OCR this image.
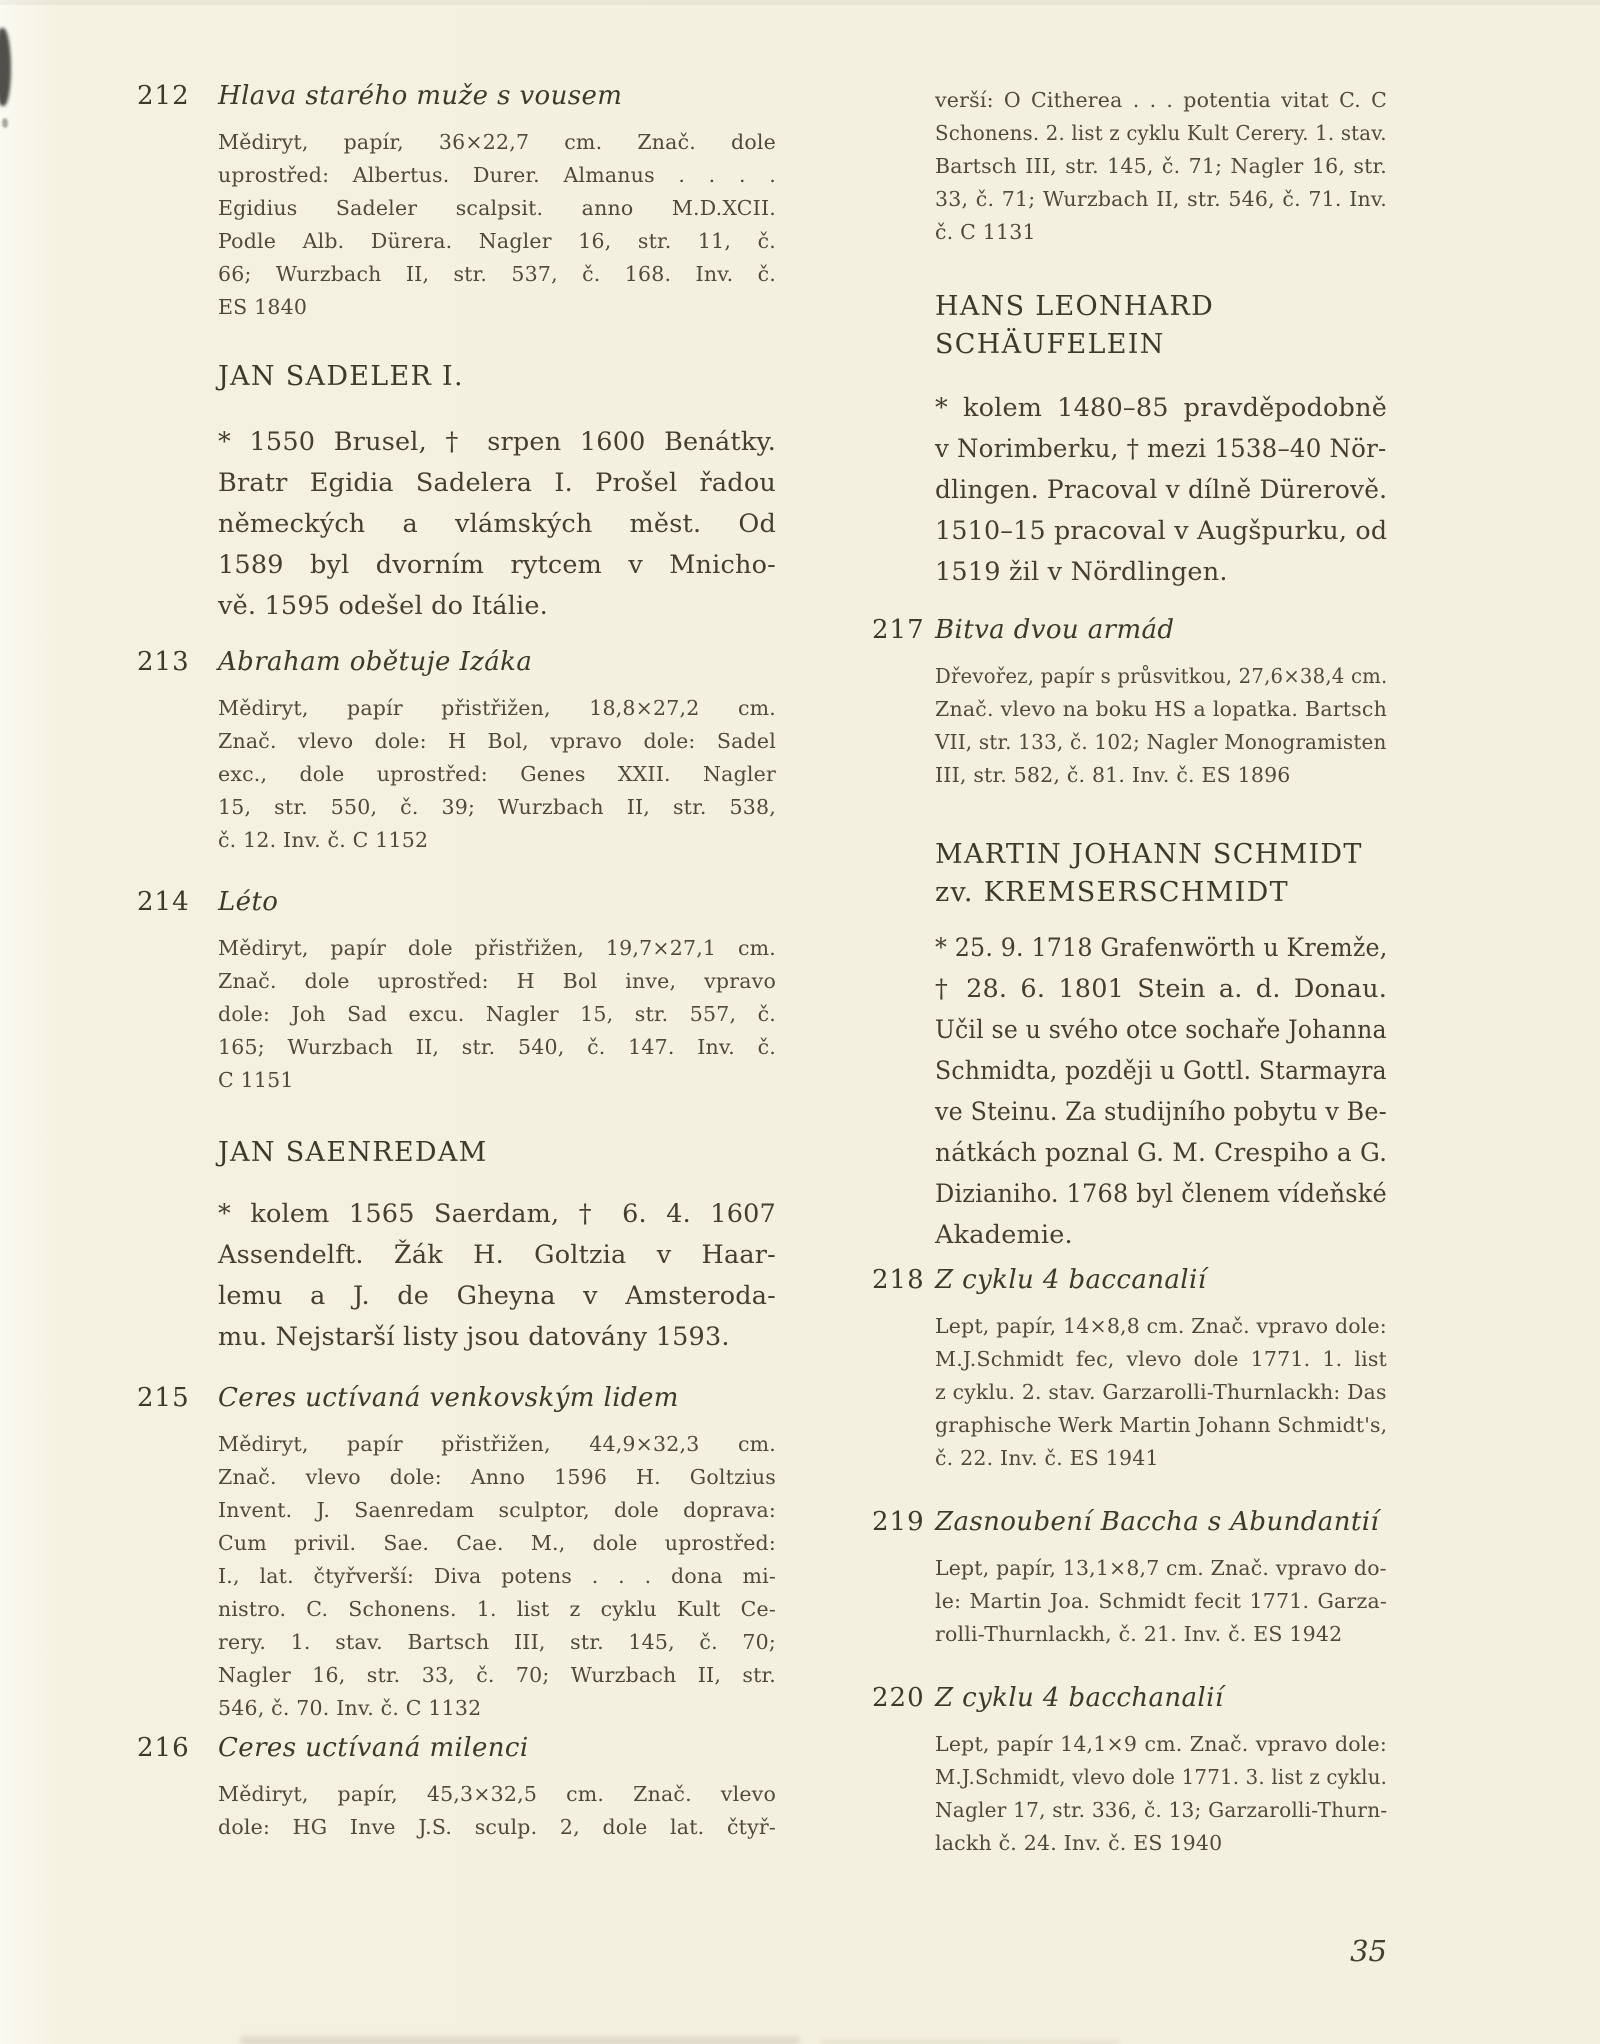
212 Hlava starého muže s vousem
Mědiryt, papír, 36×22,7 cm. Znač. dole
uprostřed: Albertus. Durer. Almanus . . . .
Egidius Sadeler scalpsit. anno M.D.XCII.
Podle Alb. Dürera. Nagler 16, str. 11, č.
66; Wurzbach II, str. 537, č. 168. Inv. č.
ES 1840
JAN SADELER I.
* 1550 Brusel, † srpen 1600 Benátky.
Bratr Egidia Sadelera I. Prošel řadou
německých a vlámských měst. Od
1589 byl dvorním rytcem v Mnicho-
vě. 1595 odešel do Itálie.
213 Abraham obětuje Izáka
Mědiryt, papír přistřižen, 18,8×27,2 cm.
Znač. vlevo dole: H Bol, vpravo dole: Sadel
exc., dole uprostřed: Genes XXII. Nagler
15, str. 550, č. 39; Wurzbach II, str. 538,
č. 12. Inv. č. C 1152
214 Léto
Mědiryt, papír dole přistřižen, 19,7×27,1 cm.
Znač. dole uprostřed: H Bol inve, vpravo
dole: Joh Sad excu. Nagler 15, str. 557, č.
165; Wurzbach II, str. 540, č. 147. Inv. č.
C 1151
JAN SAENREDAM
* kolem 1565 Saerdam, † 6. 4. 1607
Assendelft. Žák H. Goltzia v Haar-
lemu a J. de Gheyna v Amsteroda-
mu. Nejstarší listy jsou datovány 1593.
215 Ceres uctívaná venkovským lidem
Mědiryt, papír přistřižen, 44,9×32,3 cm.
Znač. vlevo dole: Anno 1596 H. Goltzius
Invent. J. Saenredam sculptor, dole doprava:
Cum privil. Sae. Cae. M., dole uprostřed:
I., lat. čtyřverší: Diva potens . . . dona mi-
nistro. C. Schonens. 1. list z cyklu Kult Ce-
rery. 1. stav. Bartsch III, str. 145, č. 70;
Nagler 16, str. 33, č. 70; Wurzbach II, str.
546, č. 70. Inv. č. C 1132
216 Ceres uctívaná milenci
Mědiryt, papír, 45,3×32,5 cm. Znač. vlevo
dole: HG Inve J.S. sculp. 2, dole lat. čtyř-
verší: O Citherea . . . potentia vitat C. C
Schonens. 2. list z cyklu Kult Cerery. 1. stav.
Bartsch III, str. 145, č. 71; Nagler 16, str.
33, č. 71; Wurzbach II, str. 546, č. 71. Inv.
č. C 1131
HANS LEONHARD
SCHÄUFELEIN
* kolem 1480–85 pravděpodobně
v Norimberku, † mezi 1538–40 Nör-
dlingen. Pracoval v dílně Dürerově.
1510–15 pracoval v Augšpurku, od
1519 žil v Nördlingen.
217 Bitva dvou armád
Dřevořez, papír s průsvitkou, 27,6×38,4 cm.
Znač. vlevo na boku HS a lopatka. Bartsch
VII, str. 133, č. 102; Nagler Monogramisten
III, str. 582, č. 81. Inv. č. ES 1896
MARTIN JOHANN SCHMIDT
zv. KREMSERSCHMIDT
* 25. 9. 1718 Grafenwörth u Kremže,
† 28. 6. 1801 Stein a. d. Donau.
Učil se u svého otce sochaře Johanna
Schmidta, později u Gottl. Starmayra
ve Steinu. Za studijního pobytu v Be-
nátkách poznal G. M. Crespiho a G.
Dizianiho. 1768 byl členem vídeňské
Akademie.
218 Z cyklu 4 baccanalií
Lept, papír, 14×8,8 cm. Znač. vpravo dole:
M.J.Schmidt fec, vlevo dole 1771. 1. list
z cyklu. 2. stav. Garzarolli-Thurnlackh: Das
graphische Werk Martin Johann Schmidt's,
č. 22. Inv. č. ES 1941
219 Zasnoubení Baccha s Abundantií
Lept, papír, 13,1×8,7 cm. Znač. vpravo do-
le: Martin Joa. Schmidt fecit 1771. Garza-
rolli-Thurnlackh, č. 21. Inv. č. ES 1942
220 Z cyklu 4 bacchanalií
Lept, papír 14,1×9 cm. Znač. vpravo dole:
M.J.Schmidt, vlevo dole 1771. 3. list z cyklu.
Nagler 17, str. 336, č. 13; Garzarolli-Thurn-
lackh č. 24. Inv. č. ES 1940
35
